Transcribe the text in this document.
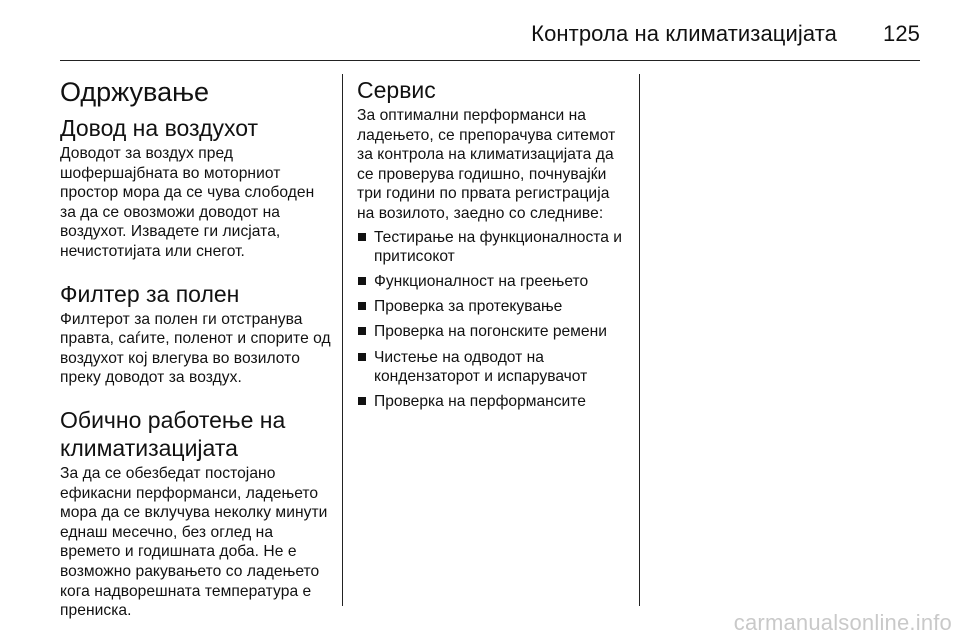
Контрола на климатизацијата 125
Одржување
Довод на воздухот

Доводот за воздух пред шофершајбната во моторниот простор мора да се чува слободен за да се овозможи доводот на воздухот. Извадете ги лисјата, нечистотијата или снегот.

Филтер за полен

Филтерот за полен ги отстранува правта, саѓите, поленот и спорите од воздухот кој влегува во возилото преку доводот за воздух.

Обично работење на климатизацијата

За да се обезбедат постојано ефикасни перформанси, ладењето мора да се вклучува неколку минути еднаш месечно, без оглед на времето и годишната доба. Не е возможно ракувањето со ладењето кога надворешната температура е прениска.

Сервис

За оптимални перформанси на ладењето, се препорачува ситемот за контрола на климатизацијата да се проверува годишно, почнувајќи три години по првата регистрација на возилото, заедно со следниве:

Тестирање на функционалноста и притисокот
Функционалност на греењето
Проверка за протекување
Проверка на погонските ремени
Чистење на одводот на кондензаторот и испарувачот
Проверка на перформансите
carmanualsonline.info
